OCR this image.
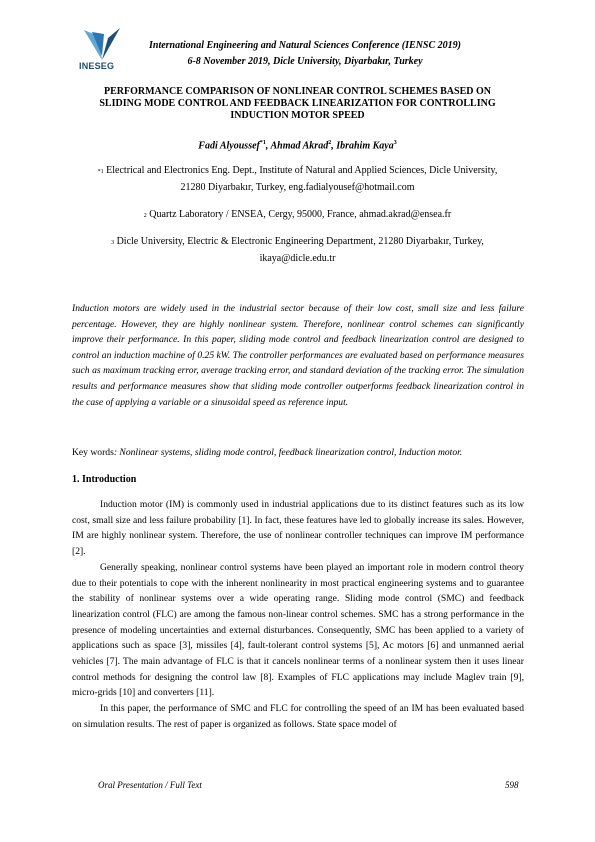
INESEG
International Engineering and Natural Sciences Conference (IENSC 2019)
6-8 November 2019, Dicle University, Diyarbakır, Turkey
PERFORMANCE COMPARISON OF NONLINEAR CONTROL SCHEMES BASED ON
SLIDING MODE CONTROL AND FEEDBACK LINEARIZATION FOR CONTROLLING
INDUCTION MOTOR SPEED
Fadi Alyoussef$^{*1}$, Ahmad Akrad$^2$, Ibrahim Kaya$^3$
*1 Electrical and Electronics Eng. Dept., Institute of Natural and Applied Sciences, Dicle University,
21280 Diyarbakır, Turkey, eng.fadialyousef@hotmail.com
2 Quartz Laboratory / ENSEA, Cergy, 95000, France, ahmad.akrad@ensea.fr
3 Dicle University, Electric & Electronic Engineering Department, 21280 Diyarbakır, Turkey,
ikaya@dicle.edu.tr
Induction motors are widely used in the industrial sector because of their low cost, small size and less failure percentage. However, they are highly nonlinear system. Therefore, nonlinear control schemes can significantly improve their performance. In this paper, sliding mode control and feedback linearization control are designed to control an induction machine of 0.25 kW. The controller performances are evaluated based on performance measures such as maximum tracking error, average tracking error, and standard deviation of the tracking error. The simulation results and performance measures show that sliding mode controller outperforms feedback linearization control in the case of applying a variable or a sinusoidal speed as reference input.
Key words: Nonlinear systems, sliding mode control, feedback linearization control, Induction motor.
1. Introduction

Induction motor (IM) is commonly used in industrial applications due to its distinct features such as its low cost, small size and less failure probability [1]. In fact, these features have led to globally increase its sales. However, IM are highly nonlinear system. Therefore, the use of nonlinear controller techniques can improve IM performance [2].

Generally speaking, nonlinear control systems have been played an important role in modern control theory due to their potentials to cope with the inherent nonlinearity in most practical engineering systems and to guarantee the stability of nonlinear systems over a wide operating range. Sliding mode control (SMC) and feedback linearization control (FLC) are among the famous non-linear control schemes. SMC has a strong performance in the presence of modeling uncertainties and external disturbances. Consequently, SMC has been applied to a variety of applications such as space [3], missiles [4], fault-tolerant control systems [5], Ac motors [6] and unmanned aerial vehicles [7]. The main advantage of FLC is that it cancels nonlinear terms of a nonlinear system then it uses linear control methods for designing the control law [8]. Examples of FLC applications may include Maglev train [9], micro-grids [10] and converters [11].

In this paper, the performance of SMC and FLC for controlling the speed of an IM has been evaluated based on simulation results. The rest of paper is organized as follows. State space model of

Oral Presentation / Full Text	598
